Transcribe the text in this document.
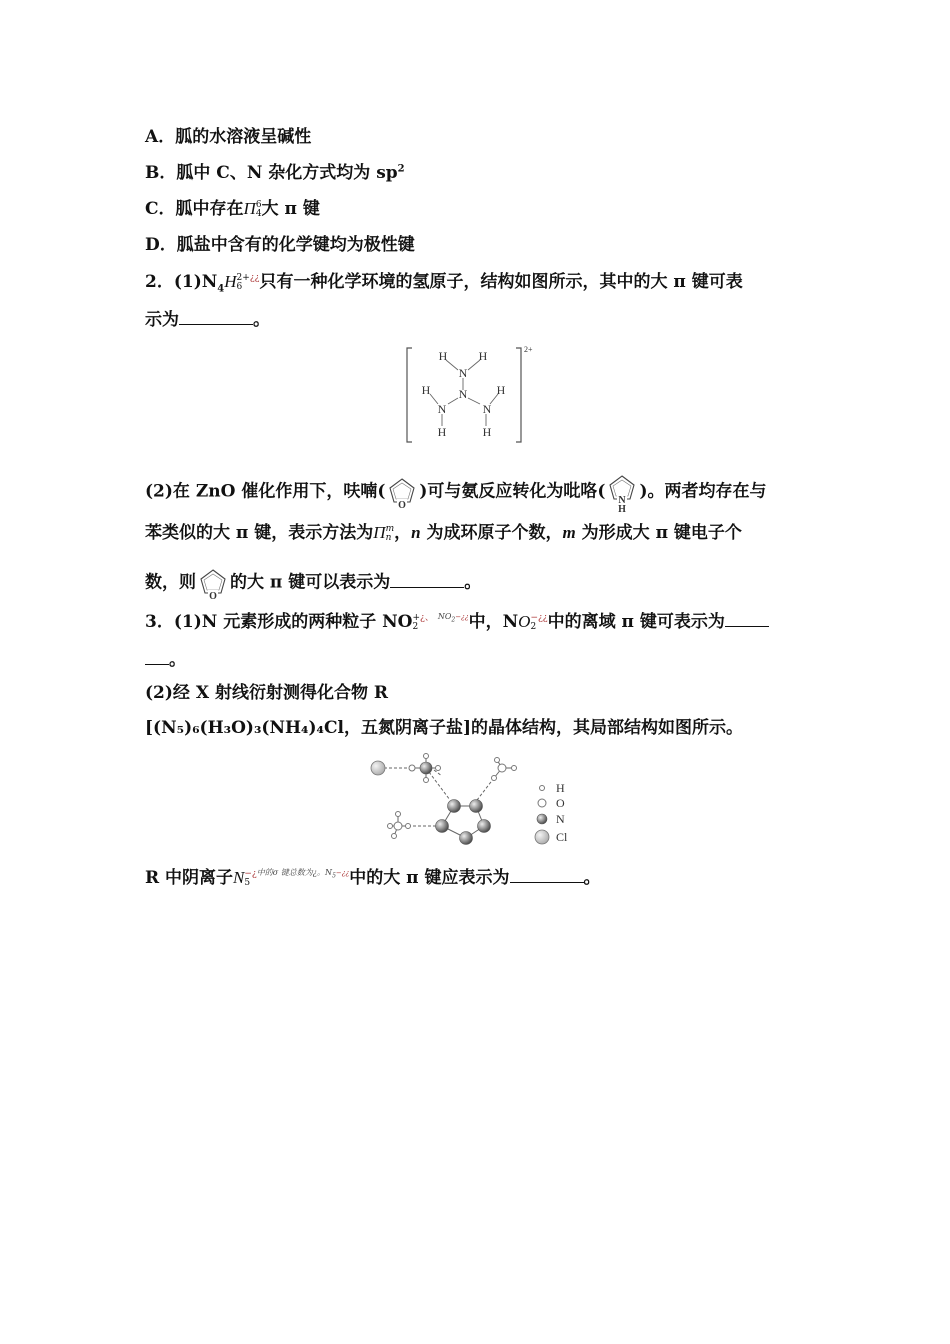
A．胍的水溶液呈碱性
B．胍中 C、N 杂化方式均为 $sp^2$
C．胍中存在Π6
4大 π 键
D．胍盐中含有的化学键均为极性键
2．$(1)N_4H2+¿¿$
6 只有一种化学环境的氢原子，结构如图所示，其中的大 π 键可表
示为	。
2+
H	H
N
N
H	H
N	N
H	H
(2)在 ZnO 催化作用下，呋喃(
O
)可与氨反应转化为吡咯( N
H
)。两者均存在与
苯类似的大 π 键，表示方法为Πm
n ，n 为成环原子个数，m 为形成大 π 键电子个
数，则
O
的大 π 键可以表示为	。
3．(1)N 元素形成的两种粒子 NO+¿、
$2^{NO_2-¿¿}$中，NO−¿¿
2 中的离域 π 键可表示为
。
(2)经 X 射线衍射测得化合物 R
[(N₅)₆(H₃O)₃(NH₄)₄Cl，五氮阴离子盐]的晶体结构，其局部结构如图所示。
H
O
N
Cl
R 中阴离子N−¿
$5^{中的\sigma 键总数为¿。N_5-¿¿}$中的大 π 键应表示为	。
